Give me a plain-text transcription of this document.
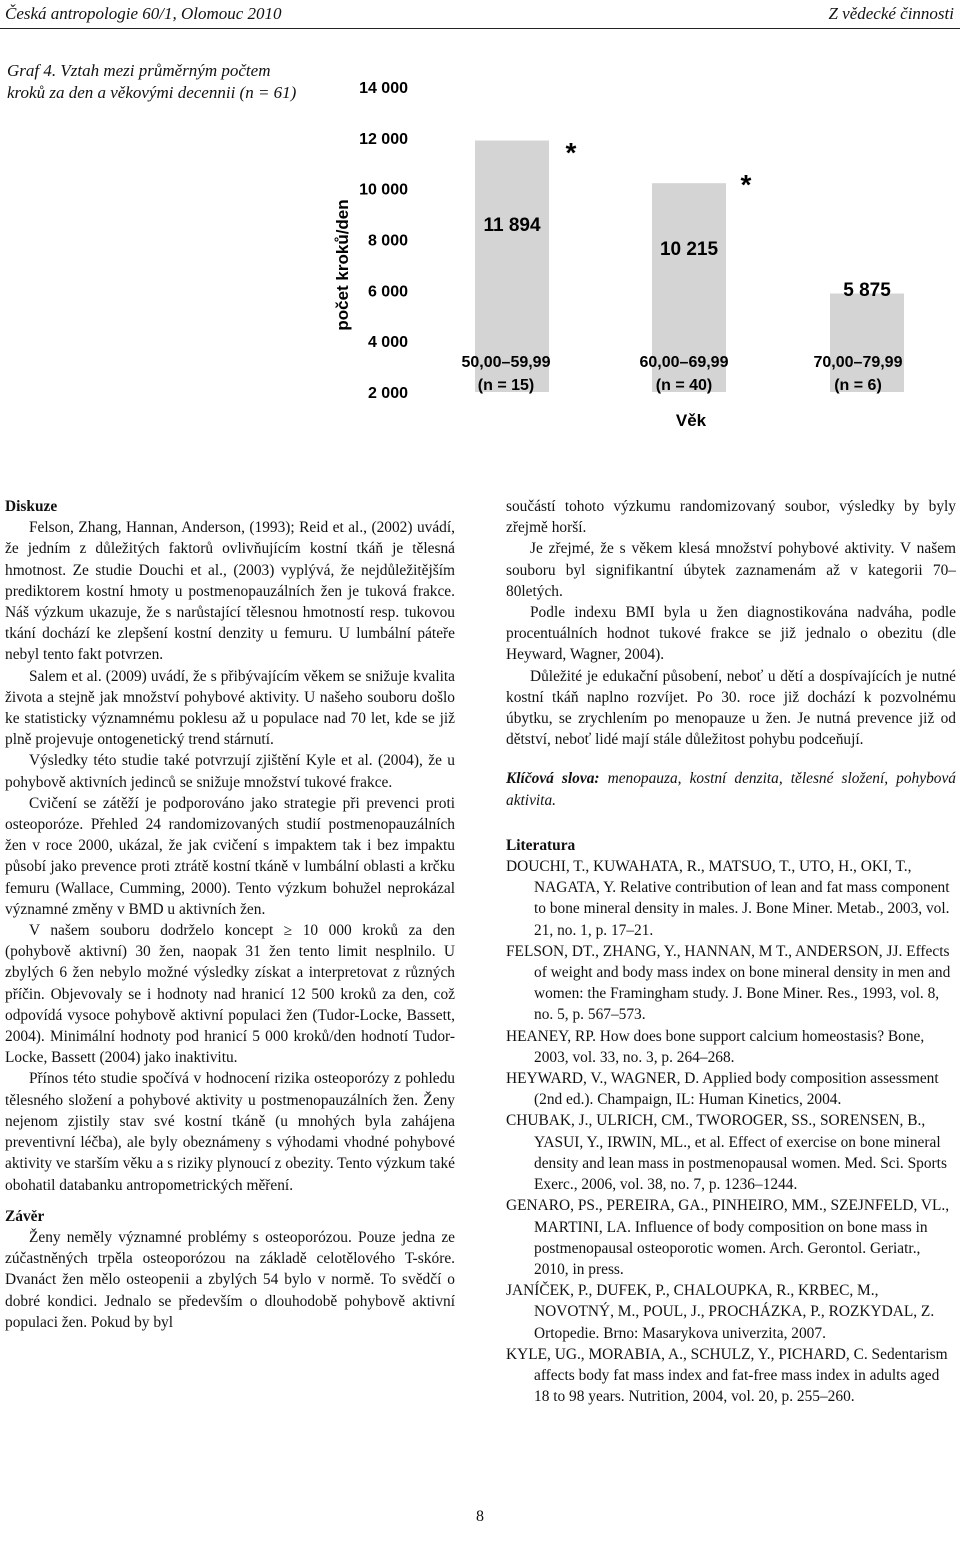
Česká antropologie 60/1, Olomouc 2010	Z vědecké činnosti
Graf 4. Vztah mezi průměrným počtem kroků za den a věkovými decennii (n = 61)
počet kroků/den
2 000
4 000
6 000
8 000
10 000
12 000
14 000
11 894
10 215
5 875
50,00–59,99
(n = 15)
60,00–69,99
(n = 40)
70,00–79,99
(n = 6)
*
*
Věk

Diskuze

Felson, Zhang, Hannan, Anderson, (1993); Reid et al., (2002) uvádí, že jedním z důležitých faktorů ovlivňujícím kostní tkáň je tělesná hmotnost. Ze studie Douchi et al., (2003) vyplývá, že nejdůležitějším prediktorem kostní hmoty u postmenopauzálních žen je tuková frakce. Náš výzkum ukazuje, že s narůstající tělesnou hmotností resp. tukovou tkání dochází ke zlepšení kostní denzity u femuru. U lumbální páteře nebyl tento fakt potvrzen.

Salem et al. (2009) uvádí, že s přibývajícím věkem se snižuje kvalita života a stejně jak množství pohybové aktivity. U našeho souboru došlo ke statisticky významnému poklesu až u populace nad 70 let, kde se již plně projevuje ontogenetický trend stárnutí.

Výsledky této studie také potvrzují zjištění Kyle et al. (2004), že u pohybově aktivních jedinců se snižuje množství tukové frakce.

Cvičení se zátěží je podporováno jako strategie při prevenci proti osteoporóze. Přehled 24 randomizovaných studií postmenopauzálních žen v roce 2000, ukázal, že jak cvičení s impaktem tak i bez impaktu působí jako prevence proti ztrátě kostní tkáně v lumbální oblasti a krčku femuru (Wallace, Cumming, 2000). Tento výzkum bohužel neprokázal významné změny v BMD u aktivních žen.

V našem souboru dodrželo koncept ≥ 10 000 kroků za den (pohybově aktivní) 30 žen, naopak 31 žen tento limit nesplnilo. U zbylých 6 žen nebylo možné výsledky získat a interpretovat z různých příčin. Objevovaly se i hodnoty nad hranicí 12 500 kroků za den, což odpovídá vysoce pohybově aktivní populaci žen (Tudor-Locke, Bassett, 2004). Minimální hodnoty pod hranicí 5 000 kroků/den hodnotí Tudor-Locke, Bassett (2004) jako inaktivitu.

Přínos této studie spočívá v hodnocení rizika osteoporózy z pohledu tělesného složení a pohybové aktivity u postmenopauzálních žen. Ženy nejenom zjistily stav své kostní tkáně (u mnohých byla zahájena preventivní léčba), ale byly obeznámeny s výhodami vhodné pohybové aktivity ve starším věku a s riziky plynoucí z obezity. Tento výzkum také obohatil databanku antropometrických měření.

Závěr

Ženy neměly významné problémy s osteoporózou. Pouze jedna ze zúčastněných trpěla osteoporózou na základě celotělového T-skóre. Dvanáct žen mělo osteopenii a zbylých 54 bylo v normě. To svědčí o dobré kondici. Jednalo se především o dlouhodobě pohybově aktivní populaci žen. Pokud by byl

součástí tohoto výzkumu randomizovaný soubor, výsledky by byly zřejmě horší.

Je zřejmé, že s věkem klesá množství pohybové aktivity. V našem souboru byl signifikantní úbytek zaznamenám až v kategorii 70–80letých.

Podle indexu BMI byla u žen diagnostikována nadváha, podle procentuálních hodnot tukové frakce se již jednalo o obezitu (dle Heyward, Wagner, 2004).

Důležité je edukační působení, neboť u dětí a dospívajících je nutné kostní tkáň naplno rozvíjet. Po 30. roce již dochází k pozvolnému úbytku, se zrychlením po menopauze u žen. Je nutná prevence již od dětství, neboť lidé mají stále důležitost pohybu podceňují.

Klíčová slova: menopauza, kostní denzita, tělesné složení, pohybová aktivita.

Literatura

DOUCHI, T., KUWAHATA, R., MATSUO, T., UTO, H., OKI, T., NAGATA, Y. Relative contribution of lean and fat mass component to bone mineral density in males. J. Bone Miner. Metab., 2003, vol. 21, no. 1, p. 17–21.

FELSON, DT., ZHANG, Y., HANNAN, M T., ANDERSON, JJ. Effects of weight and body mass index on bone mineral density in men and women: the Framingham study. J. Bone Miner. Res., 1993, vol. 8, no. 5, p. 567–573.

HEANEY, RP. How does bone support calcium homeostasis? Bone, 2003, vol. 33, no. 3, p. 264–268.

HEYWARD, V., WAGNER, D. Applied body composition assessment (2nd ed.). Champaign, IL: Human Kinetics, 2004.

CHUBAK, J., ULRICH, CM., TWOROGER, SS., SORENSEN, B., YASUI, Y., IRWIN, ML., et al. Effect of exercise on bone mineral density and lean mass in postmenopausal women. Med. Sci. Sports Exerc., 2006, vol. 38, no. 7, p. 1236–1244.

GENARO, PS., PEREIRA, GA., PINHEIRO, MM., SZEJNFELD, VL., MARTINI, LA. Influence of body composition on bone mass in postmenopausal osteoporotic women. Arch. Gerontol. Geriatr., 2010, in press.

JANÍČEK, P., DUFEK, P., CHALOUPKA, R., KRBEC, M., NOVOTNÝ, M., POUL, J., PROCHÁZKA, P., ROZKYDAL, Z. Ortopedie. Brno: Masarykova univerzita, 2007.

KYLE, UG., MORABIA, A., SCHULZ, Y., PICHARD, C. Sedentarism affects body fat mass index and fat-free mass index in adults aged 18 to 98 years. Nutrition, 2004, vol. 20, p. 255–260.

8
